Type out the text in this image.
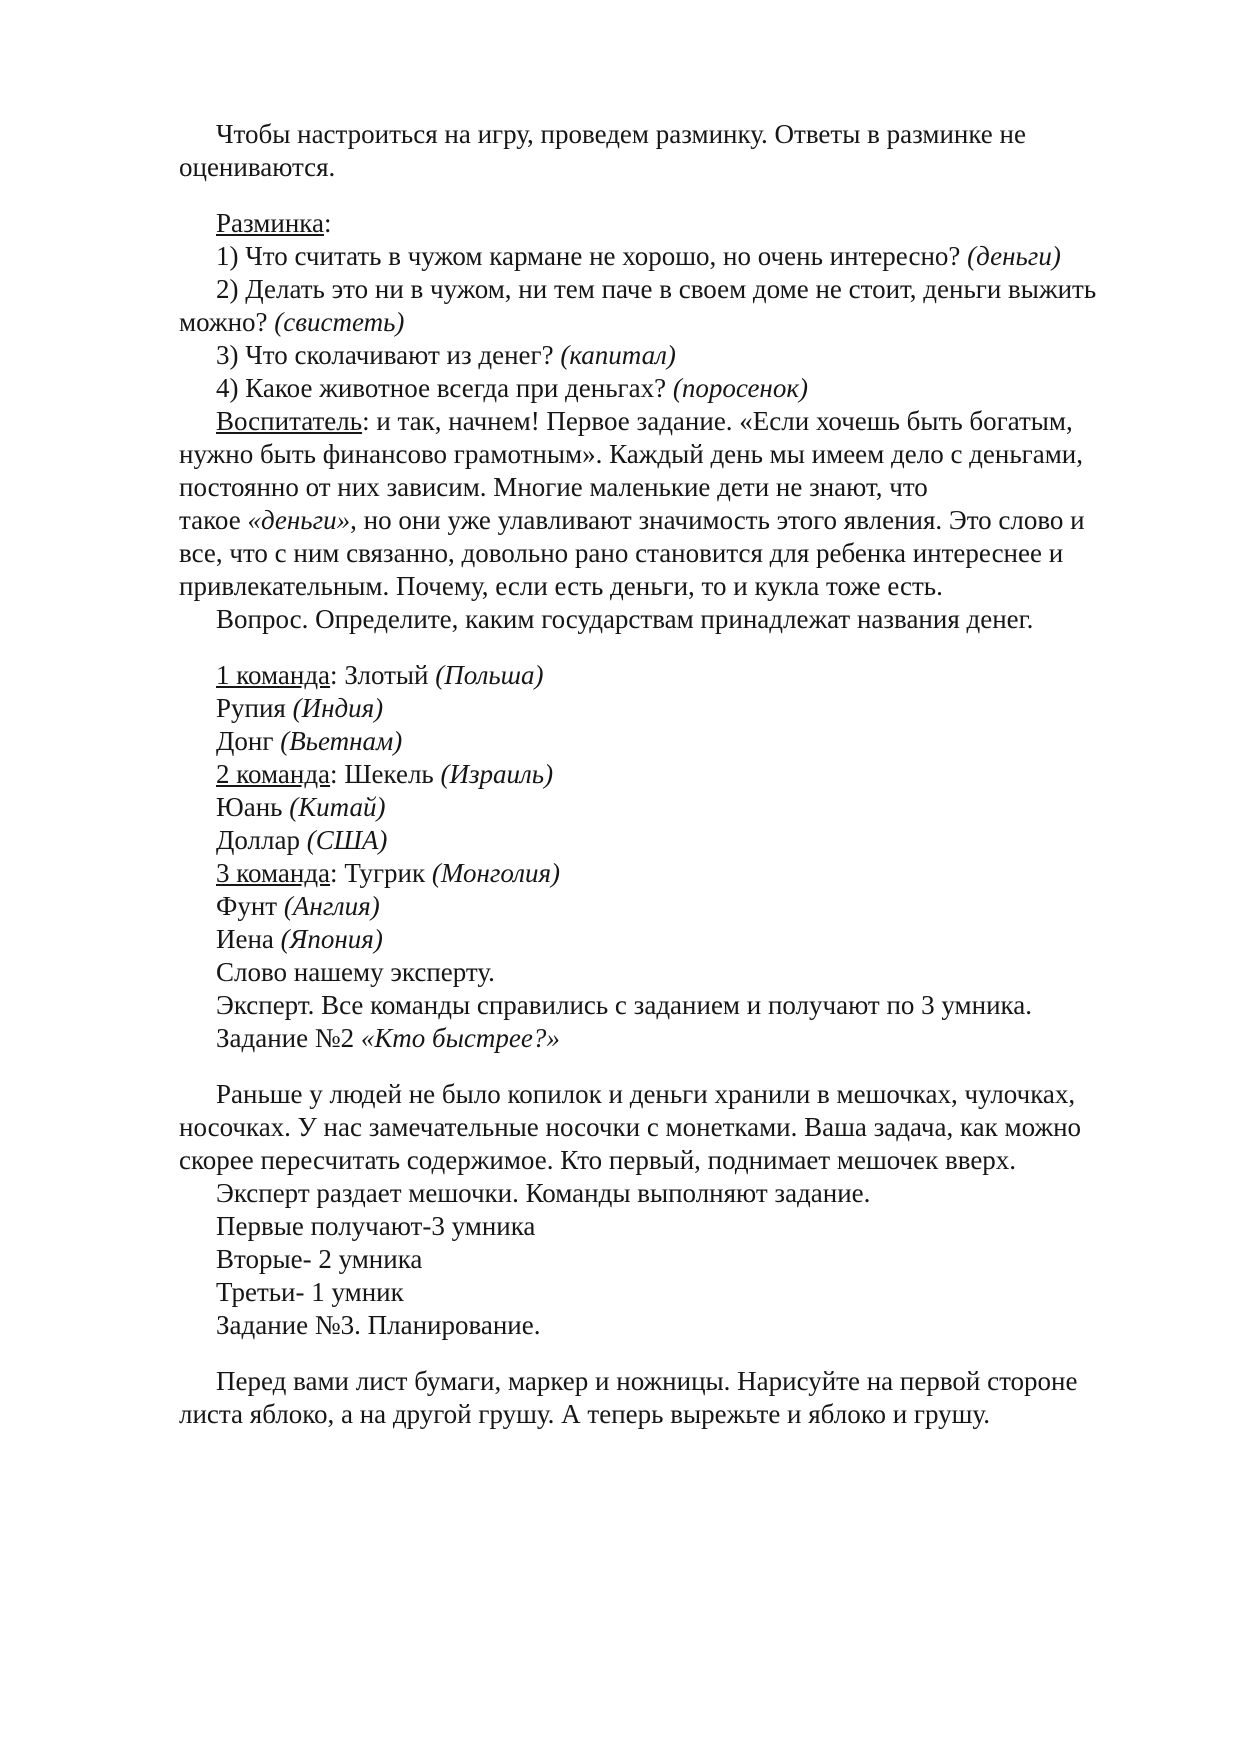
Чтобы настроиться на игру, проведем разминку. Ответы в разминке не

оцениваются.

Разминка:

1) Что считать в чужом кармане не хорошо, но очень интересно? (деньги)

2) Делать это ни в чужом, ни тем паче в своем доме не стоит, деньги выжить

можно? (свистеть)

3) Что сколачивают из денег? (капитал)

4) Какое животное всегда при деньгах? (поросенок)

Воспитатель: и так, начнем! Первое задание. «Если хочешь быть богатым,

нужно быть финансово грамотным». Каждый день мы имеем дело с деньгами,

постоянно от них зависим. Многие маленькие дети не знают, что

такое «деньги», но они уже улавливают значимость этого явления. Это слово и

все, что с ним связанно, довольно рано становится для ребенка интереснее и

привлекательным. Почему, если есть деньги, то и кукла тоже есть.

Вопрос. Определите, каким государствам принадлежат названия денег.

1 команда: Злотый (Польша)

Рупия (Индия)

Донг (Вьетнам)

2 команда: Шекель (Израиль)

Юань (Китай)

Доллар (США)

3 команда: Тугрик (Монголия)

Фунт (Англия)

Иена (Япония)

Слово нашему эксперту.

Эксперт. Все команды справились с заданием и получают по 3 умника.

Задание №2 «Кто быстрее?»

Раньше у людей не было копилок и деньги хранили в мешочках, чулочках,

носочках. У нас замечательные носочки с монетками. Ваша задача, как можно

скорее пересчитать содержимое. Кто первый, поднимает мешочек вверх.

Эксперт раздает мешочки. Команды выполняют задание.

Первые получают-3 умника

Вторые- 2 умника

Третьи- 1 умник

Задание №3. Планирование.

Перед вами лист бумаги, маркер и ножницы. Нарисуйте на первой стороне

листа яблоко, а на другой грушу. А теперь вырежьте и яблоко и грушу.
